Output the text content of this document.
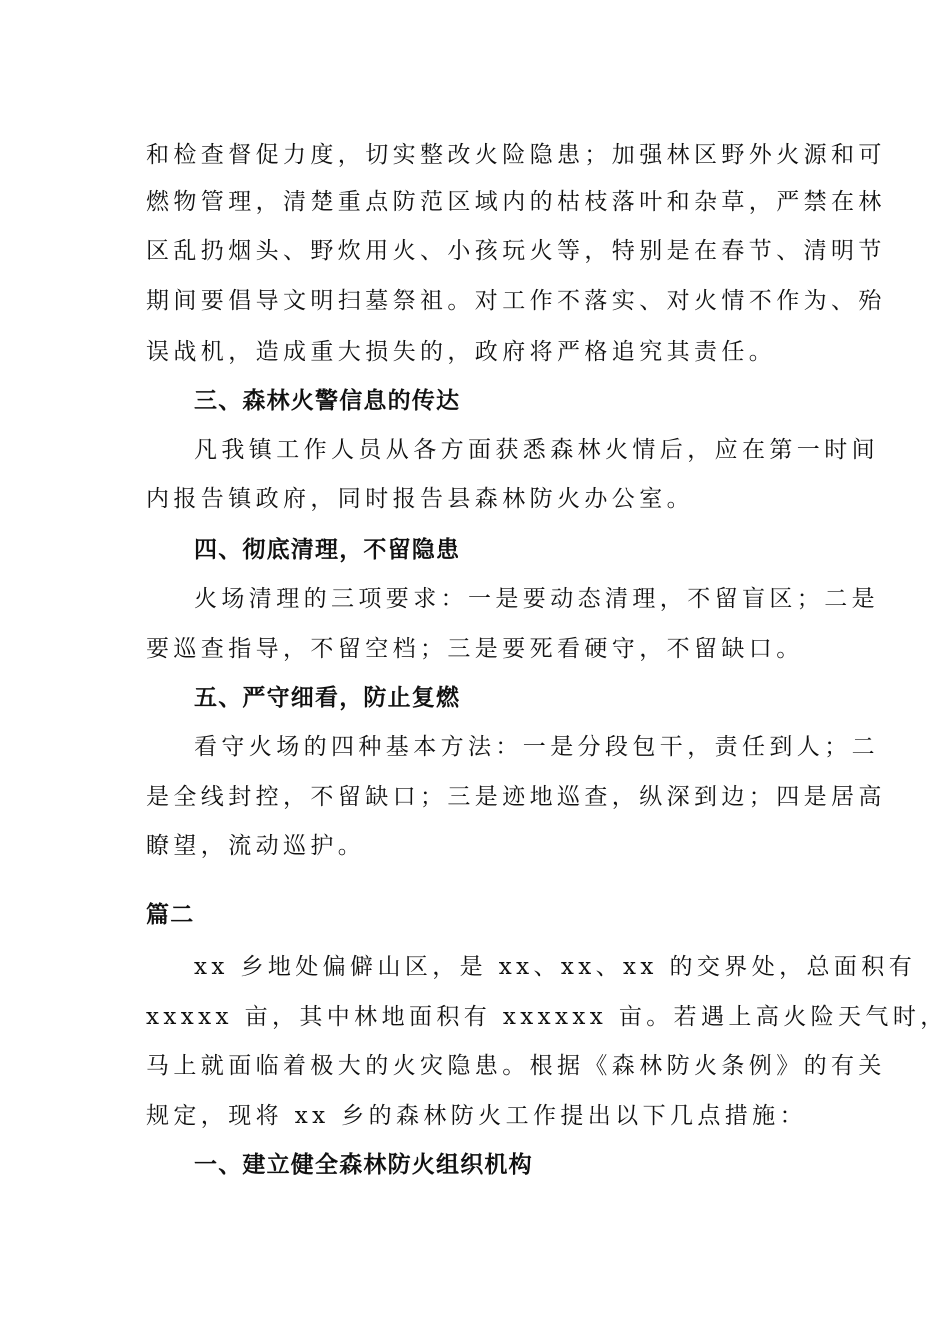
和检查督促力度，切实整改火险隐患；加强林区野外火源和可
燃物管理，清楚重点防范区域内的枯枝落叶和杂草，严禁在林
区乱扔烟头、野炊用火、小孩玩火等，特别是在春节、清明节
期间要倡导文明扫墓祭祖。对工作不落实、对火情不作为、殆
误战机，造成重大损失的，政府将严格追究其责任。
三、森林火警信息的传达
凡我镇工作人员从各方面获悉森林火情后，应在第一时间
内报告镇政府，同时报告县森林防火办公室。
四、彻底清理，不留隐患
火场清理的三项要求：一是要动态清理，不留盲区；二是
要巡查指导，不留空档；三是要死看硬守，不留缺口。
五、严守细看，防止复燃
看守火场的四种基本方法：一是分段包干，责任到人；二
是全线封控，不留缺口；三是迹地巡查，纵深到边；四是居高
瞭望，流动巡护。
篇二
xx 乡地处偏僻山区，是 xx、xx、xx 的交界处，总面积有
xxxxx 亩，其中林地面积有 xxxxxx 亩。若遇上高火险天气时，
马上就面临着极大的火灾隐患。根据《森林防火条例》的有关
规定，现将 xx 乡的森林防火工作提出以下几点措施：
一、建立健全森林防火组织机构
